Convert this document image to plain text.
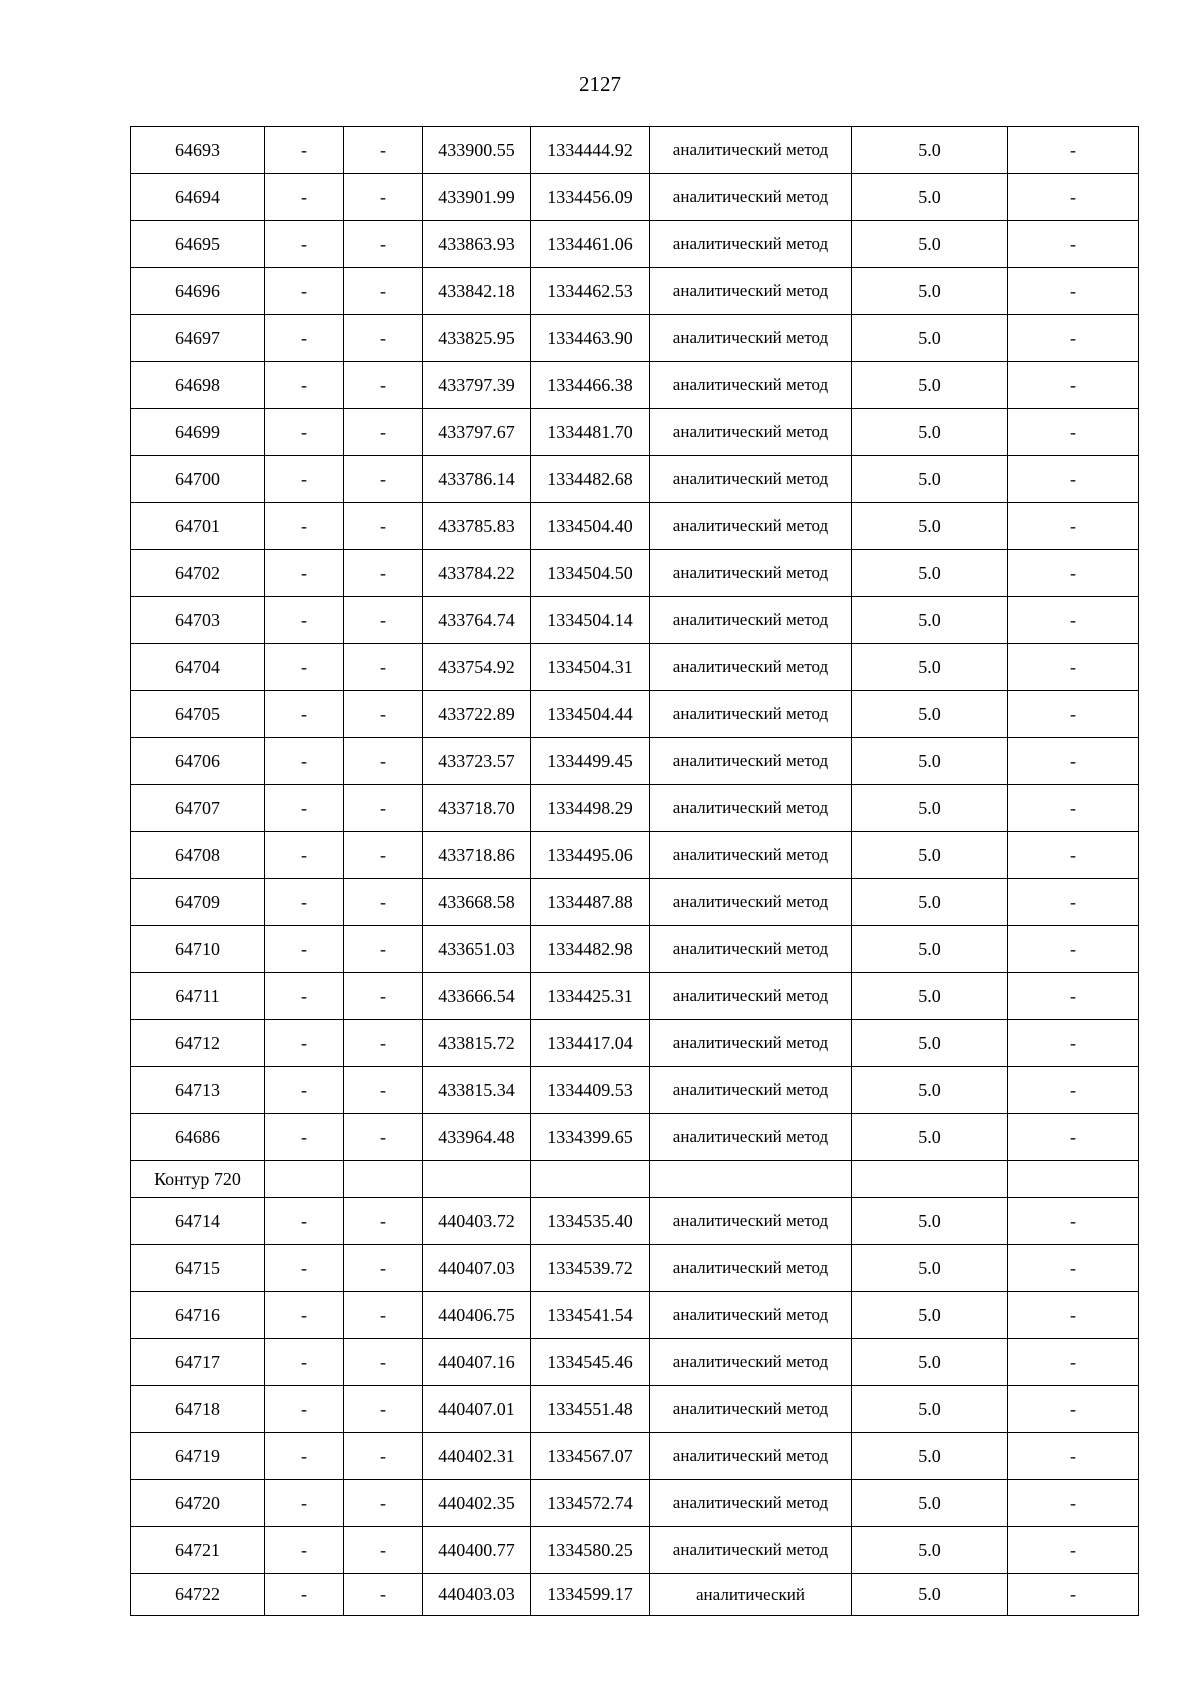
2127
64693	-	-	433900.55	1334444.92	аналитический метод	5.0	-
64694	-	-	433901.99	1334456.09	аналитический метод	5.0	-
64695	-	-	433863.93	1334461.06	аналитический метод	5.0	-
64696	-	-	433842.18	1334462.53	аналитический метод	5.0	-
64697	-	-	433825.95	1334463.90	аналитический метод	5.0	-
64698	-	-	433797.39	1334466.38	аналитический метод	5.0	-
64699	-	-	433797.67	1334481.70	аналитический метод	5.0	-
64700	-	-	433786.14	1334482.68	аналитический метод	5.0	-
64701	-	-	433785.83	1334504.40	аналитический метод	5.0	-
64702	-	-	433784.22	1334504.50	аналитический метод	5.0	-
64703	-	-	433764.74	1334504.14	аналитический метод	5.0	-
64704	-	-	433754.92	1334504.31	аналитический метод	5.0	-
64705	-	-	433722.89	1334504.44	аналитический метод	5.0	-
64706	-	-	433723.57	1334499.45	аналитический метод	5.0	-
64707	-	-	433718.70	1334498.29	аналитический метод	5.0	-
64708	-	-	433718.86	1334495.06	аналитический метод	5.0	-
64709	-	-	433668.58	1334487.88	аналитический метод	5.0	-
64710	-	-	433651.03	1334482.98	аналитический метод	5.0	-
64711	-	-	433666.54	1334425.31	аналитический метод	5.0	-
64712	-	-	433815.72	1334417.04	аналитический метод	5.0	-
64713	-	-	433815.34	1334409.53	аналитический метод	5.0	-
64686	-	-	433964.48	1334399.65	аналитический метод	5.0	-
Контур 720							
64714	-	-	440403.72	1334535.40	аналитический метод	5.0	-
64715	-	-	440407.03	1334539.72	аналитический метод	5.0	-
64716	-	-	440406.75	1334541.54	аналитический метод	5.0	-
64717	-	-	440407.16	1334545.46	аналитический метод	5.0	-
64718	-	-	440407.01	1334551.48	аналитический метод	5.0	-
64719	-	-	440402.31	1334567.07	аналитический метод	5.0	-
64720	-	-	440402.35	1334572.74	аналитический метод	5.0	-
64721	-	-	440400.77	1334580.25	аналитический метод	5.0	-
64722	-	-	440403.03	1334599.17	аналитический	5.0	-
